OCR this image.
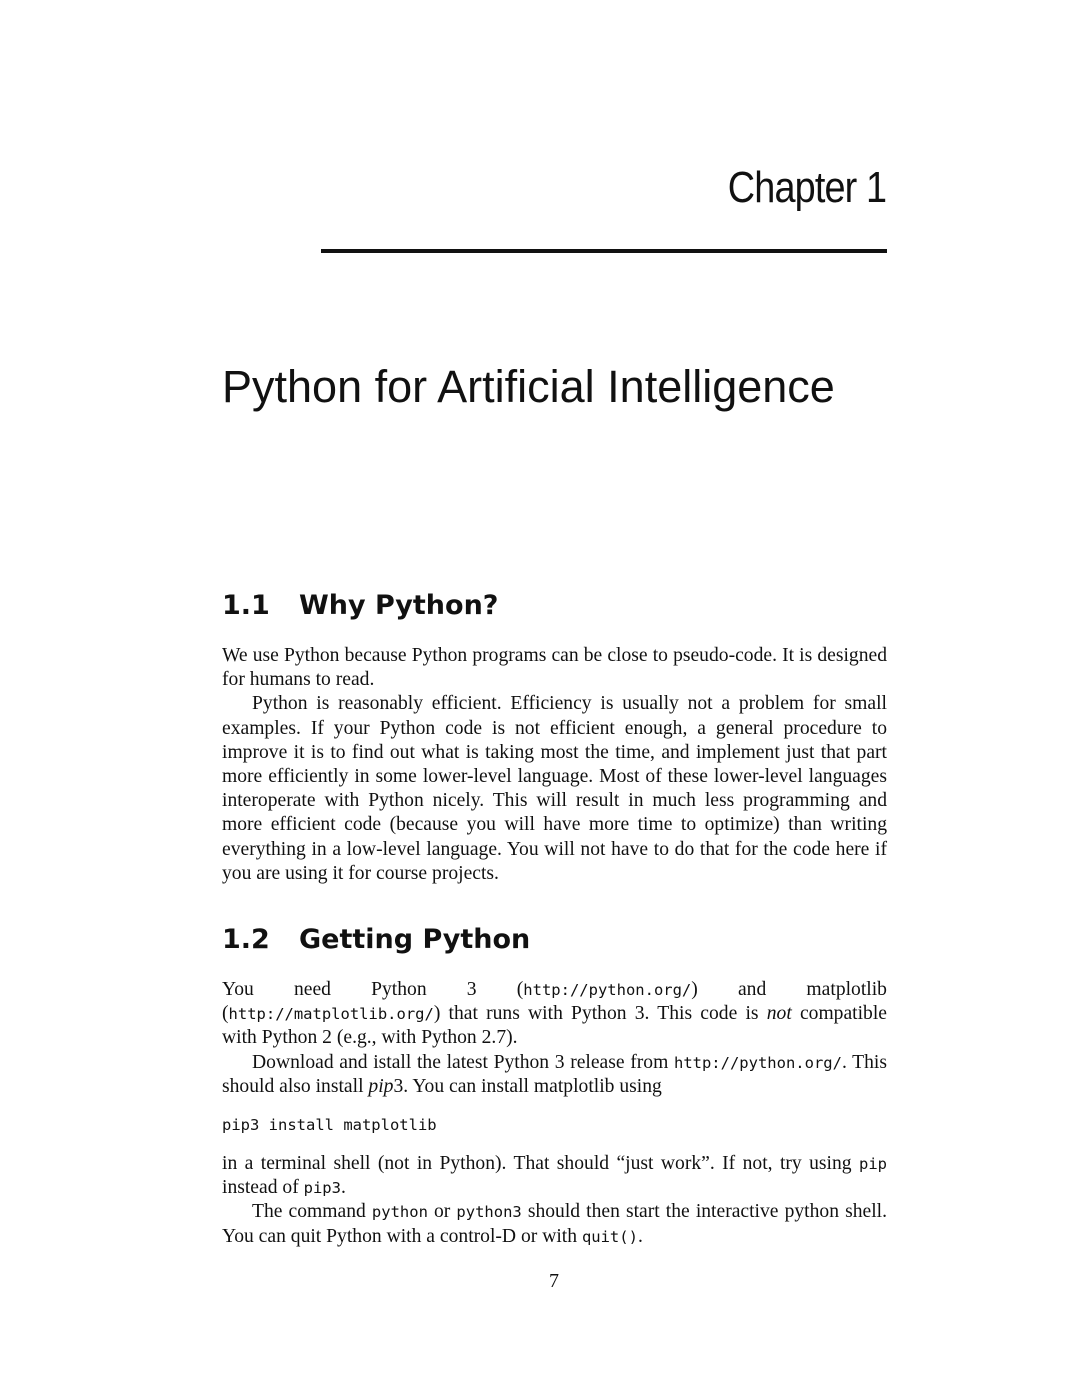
Chapter 1
Python for Artificial Intelligence
1.1 Why Python?

We use Python because Python programs can be close to pseudo-code. It is designed for humans to read.

Python is reasonably efficient. Efficiency is usually not a problem for small examples. If your Python code is not efficient enough, a general procedure to improve it is to find out what is taking most the time, and implement just that part more efficiently in some lower-level language. Most of these lower-level languages interoperate with Python nicely. This will result in much less programming and more efficient code (because you will have more time to optimize) than writing everything in a low-level language. You will not have to do that for the code here if you are using it for course projects.

1.2 Getting Python

You need Python 3 (http://python.org/) and matplotlib (http://matplotlib.org/) that runs with Python 3. This code is not compatible with Python 2 (e.g., with Python 2.7).

Download and istall the latest Python 3 release from http://python.org/. This should also install pip3. You can install matplotlib using

pip3 install matplotlib

in a terminal shell (not in Python). That should “just work”. If not, try using pip instead of pip3.

The command python or python3 should then start the interactive python shell. You can quit Python with a control-D or with quit().

7
